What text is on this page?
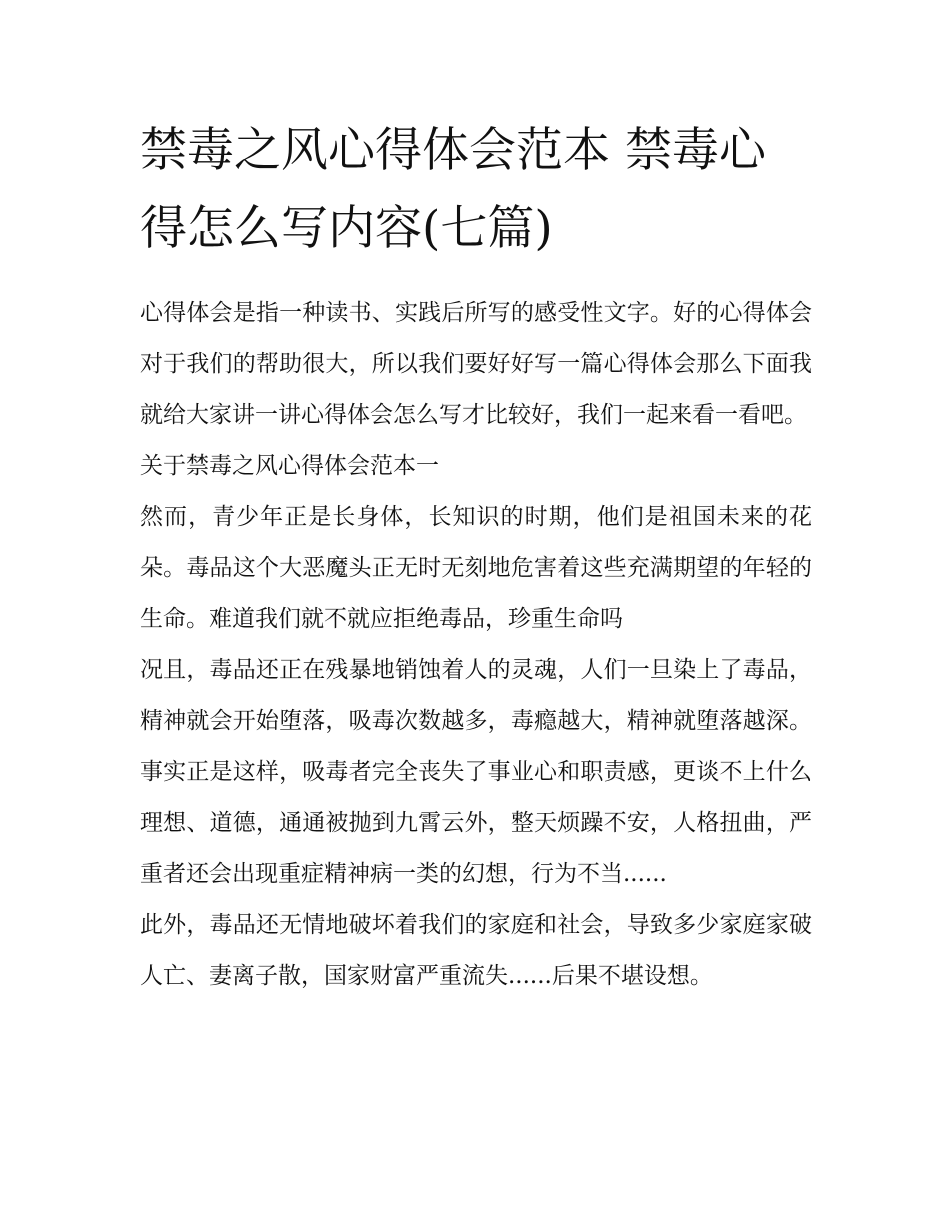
禁毒之风心得体会范本 禁毒心得怎么写内容(七篇)

心得体会是指一种读书、实践后所写的感受性文字。好的心得体会对于我们的帮助很大，所以我们要好好写一篇心得体会那么下面我就给大家讲一讲心得体会怎么写才比较好，我们一起来看一看吧。

关于禁毒之风心得体会范本一

然而，青少年正是长身体，长知识的时期，他们是祖国未来的花朵。毒品这个大恶魔头正无时无刻地危害着这些充满期望的年轻的生命。难道我们就不就应拒绝毒品，珍重生命吗

况且，毒品还正在残暴地销蚀着人的灵魂，人们一旦染上了毒品，精神就会开始堕落，吸毒次数越多，毒瘾越大，精神就堕落越深。事实正是这样，吸毒者完全丧失了事业心和职责感，更谈不上什么理想、道德，通通被抛到九霄云外，整天烦躁不安，人格扭曲，严重者还会出现重症精神病一类的幻想，行为不当......

此外，毒品还无情地破坏着我们的家庭和社会，导致多少家庭家破人亡、妻离子散，国家财富严重流失......后果不堪设想。
